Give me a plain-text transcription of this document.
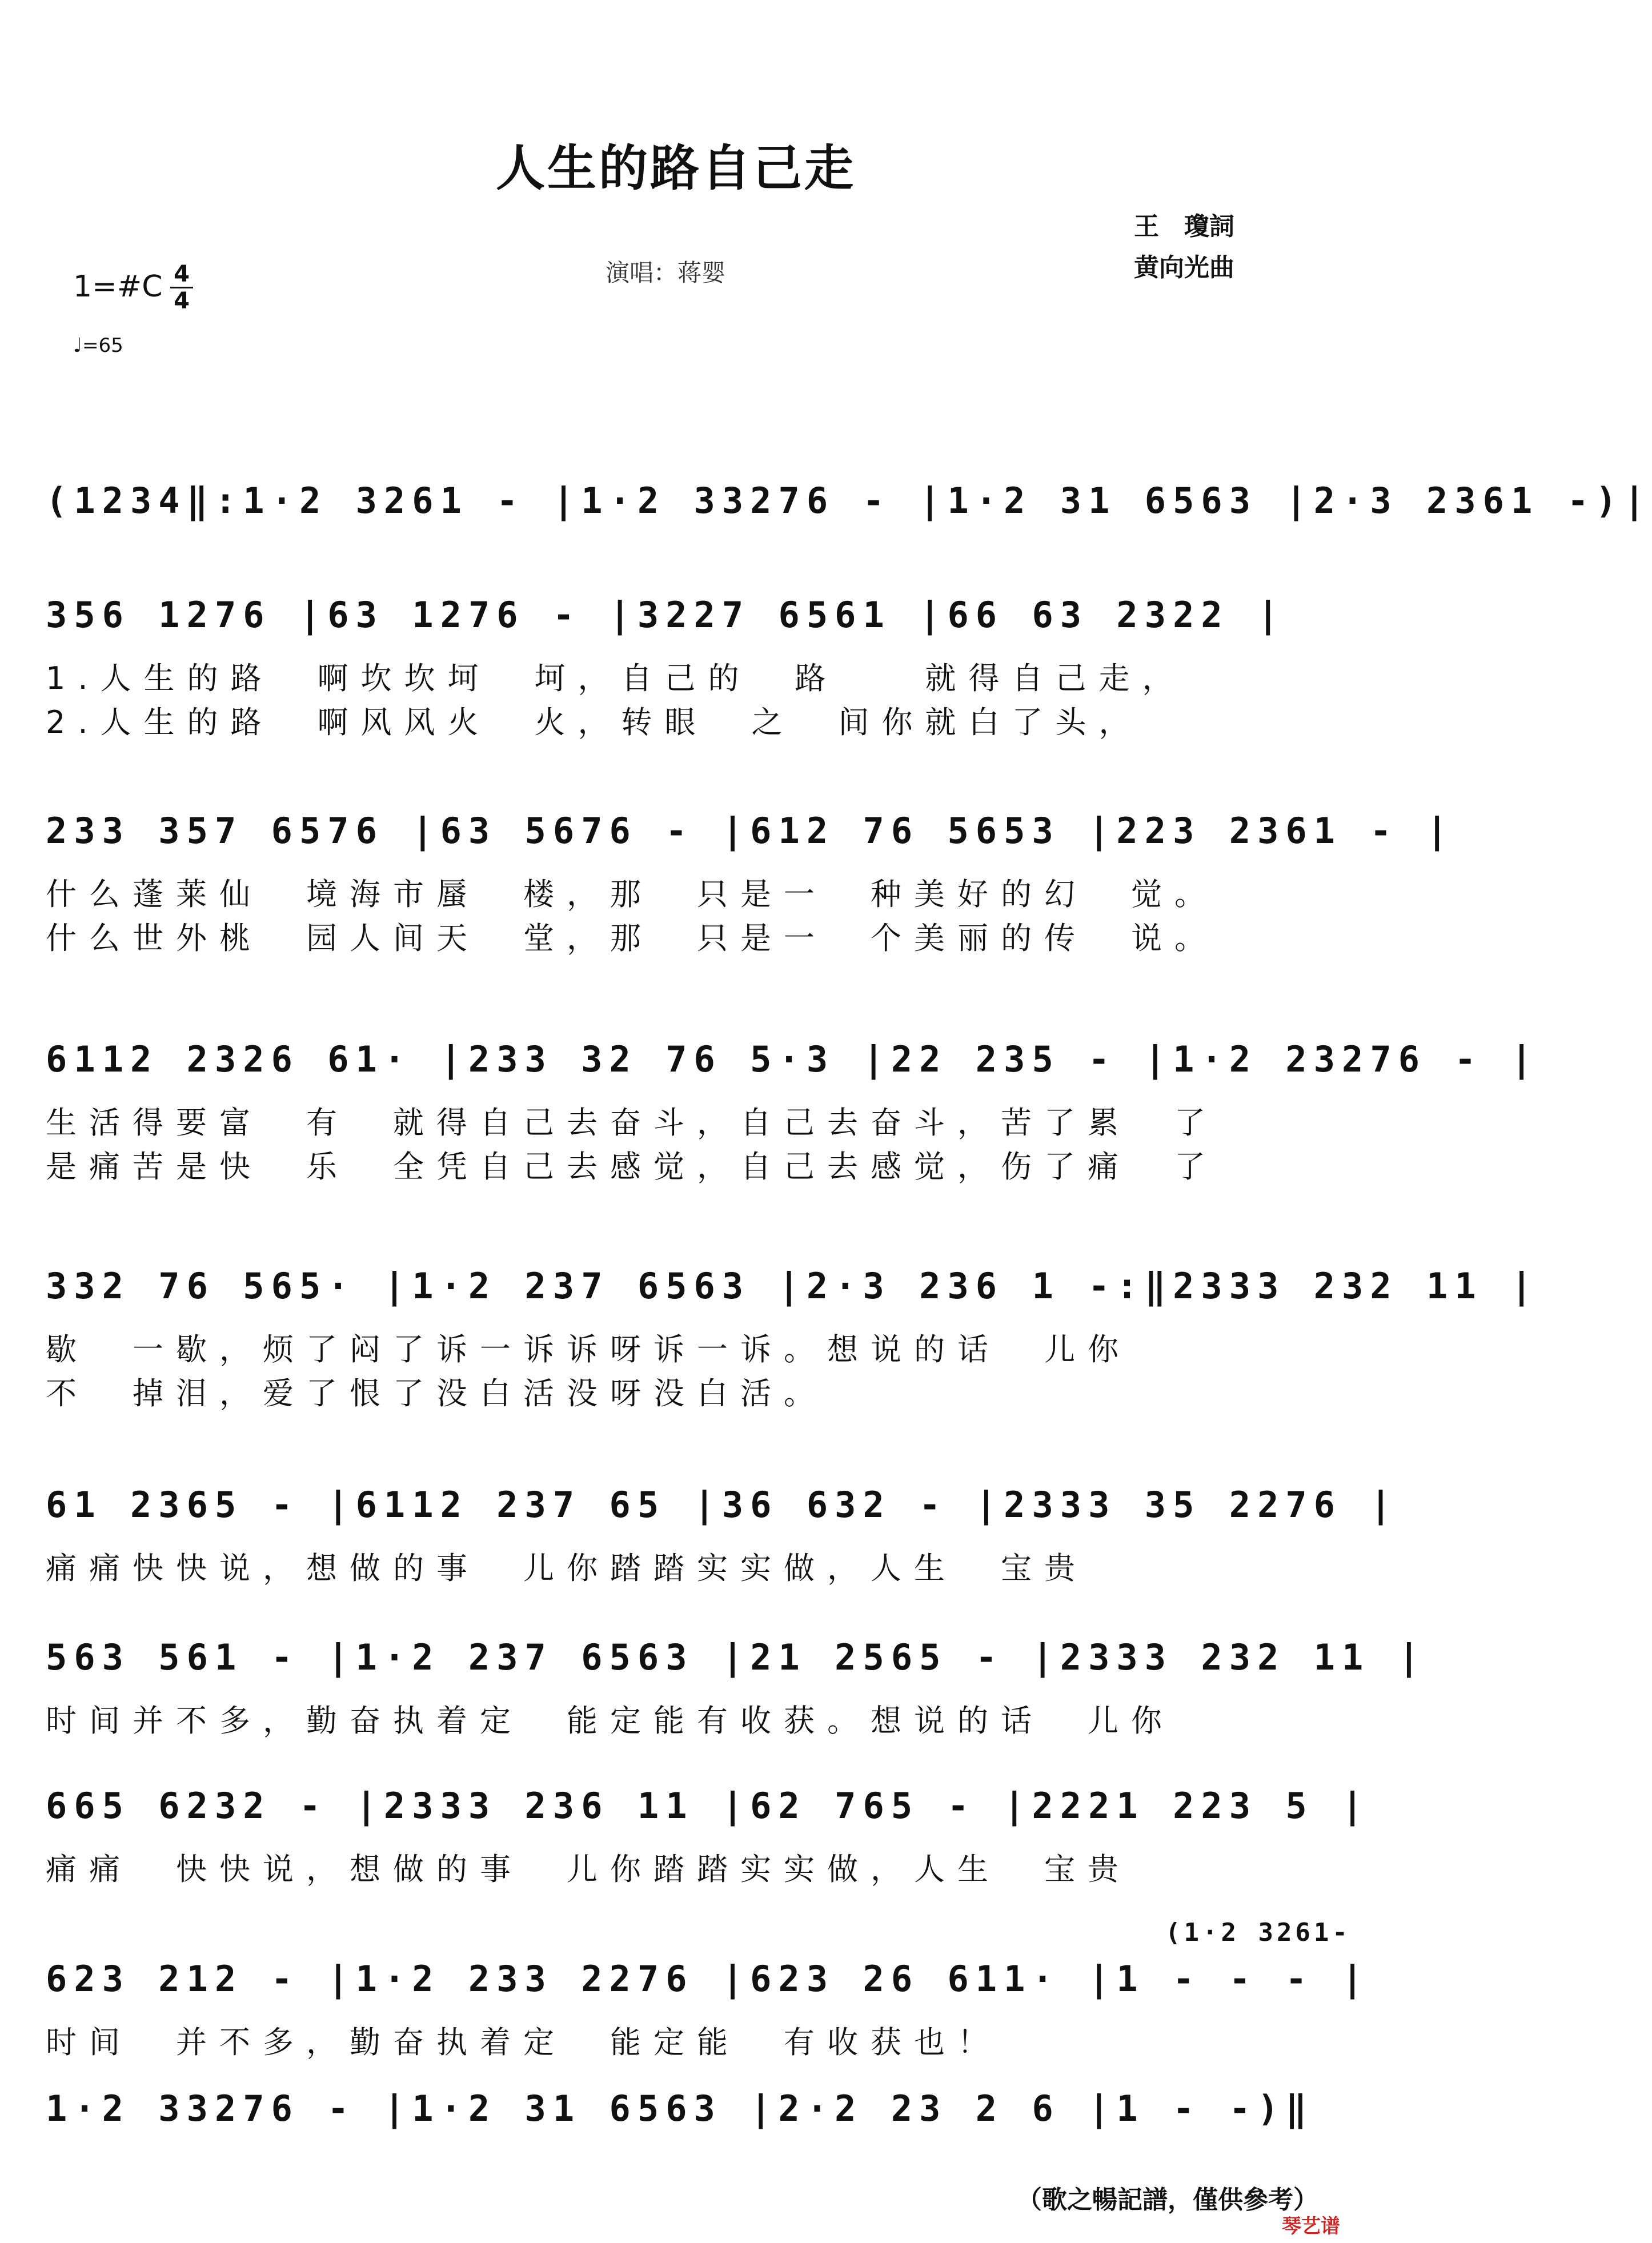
人生的路自己走
王　瓊詞
黄向光曲
演唱：蒋婴
1=#C 4
4
♩=65
(1234‖:1·2 3261 - |1·2 33276 - |1·2 31 6563 |2·3 2361 -)|
356 1276 |63 1276 - |3227 6561 |66 63 2322 |
1.人生的路　啊坎坎坷　坷，自己的　路　　就得自己走，
2.人生的路　啊风风火　火，转眼　之　间你就白了头，
233 357 6576 |63 5676 - |612 76 5653 |223 2361 - |
什么蓬莱仙　境海市蜃　楼，那　只是一　种美好的幻　觉。
什么世外桃　园人间天　堂，那　只是一　个美丽的传　说。
6112 2326 61· |233 32 76 5·3 |22 235 - |1·2 23276 - |
生活得要富　有　就得自己去奋斗，自己去奋斗，苦了累　了
是痛苦是快　乐　全凭自己去感觉，自己去感觉，伤了痛　了
332 76 565· |1·2 237 6563 |2·3 236 1 -:‖2333 232 11 |
歇　一歇，烦了闷了诉一诉诉呀诉一诉。想说的话　儿你
不　掉泪，爱了恨了没白活没呀没白活。
61 2365 - |6112 237 65 |36 632 - |2333 35 2276 |
痛痛快快说，想做的事　儿你踏踏实实做，人生　宝贵
563 561 - |1·2 237 6563 |21 2565 - |2333 232 11 |
时间并不多，勤奋执着定　能定能有收获。想说的话　儿你
665 6232 - |2333 236 11 |62 765 - |2221 223 5 |
痛痛　快快说，想做的事　儿你踏踏实实做，人生　宝贵
(1·2 3261-
623 212 - |1·2 233 2276 |623 26 611· |1 - - - |
时间　并不多，勤奋执着定　能定能　有收获也！
1·2 33276 - |1·2 31 6563 |2·2 23 2 6 |1 - -)‖
（歌之暢記譜，僅供參考）
琴艺谱
